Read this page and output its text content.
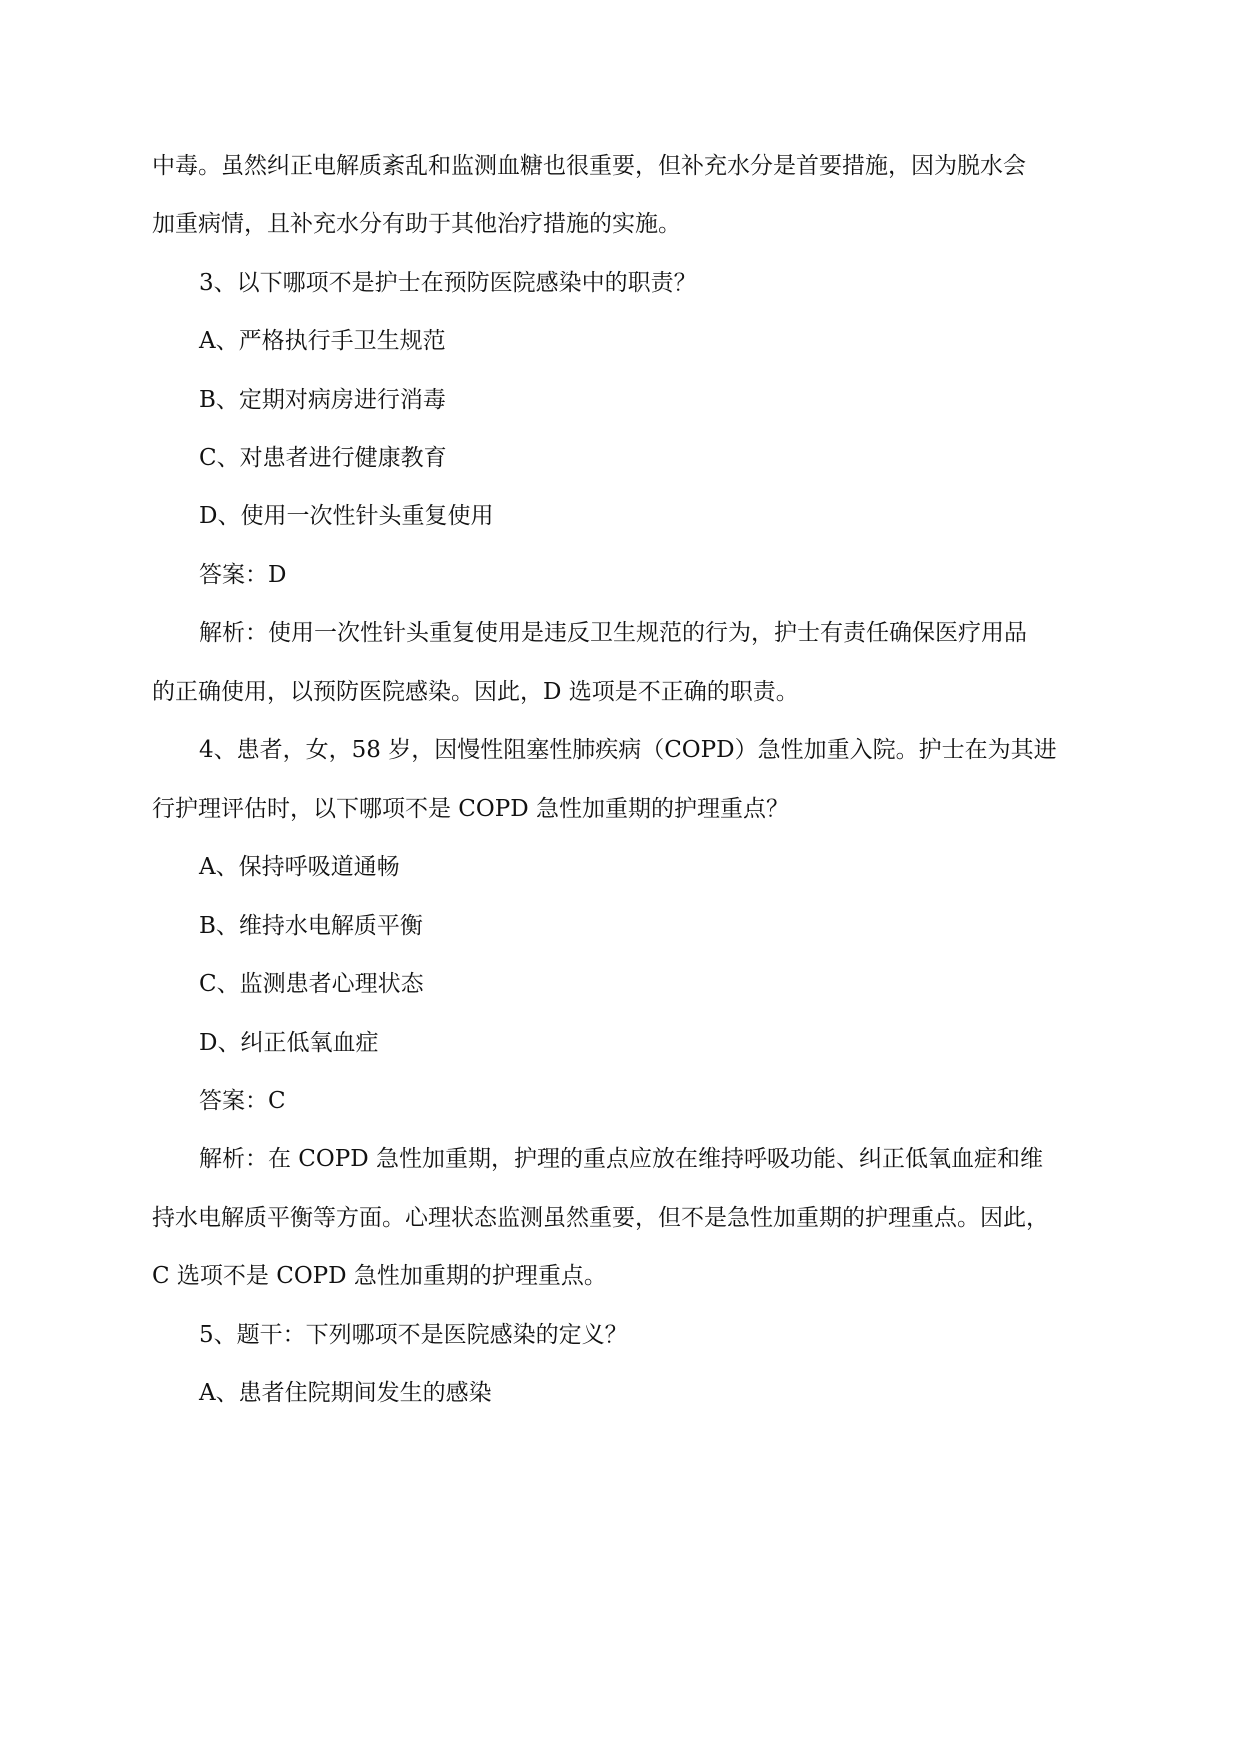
中毒。虽然纠正电解质紊乱和监测血糖也很重要，但补充水分是首要措施，因为脱水会
加重病情，且补充水分有助于其他治疗措施的实施。
3、以下哪项不是护士在预防医院感染中的职责？
A、严格执行手卫生规范
B、定期对病房进行消毒
C、对患者进行健康教育
D、使用一次性针头重复使用
答案：D
解析：使用一次性针头重复使用是违反卫生规范的行为，护士有责任确保医疗用品
的正确使用，以预防医院感染。因此，D 选项是不正确的职责。
4、患者，女，58 岁，因慢性阻塞性肺疾病（COPD）急性加重入院。护士在为其进
行护理评估时，以下哪项不是 COPD 急性加重期的护理重点？
A、保持呼吸道通畅
B、维持水电解质平衡
C、监测患者心理状态
D、纠正低氧血症
答案：C
解析：在 COPD 急性加重期，护理的重点应放在维持呼吸功能、纠正低氧血症和维
持水电解质平衡等方面。心理状态监测虽然重要，但不是急性加重期的护理重点。因此，
C 选项不是 COPD 急性加重期的护理重点。
5、题干：下列哪项不是医院感染的定义？
A、患者住院期间发生的感染
